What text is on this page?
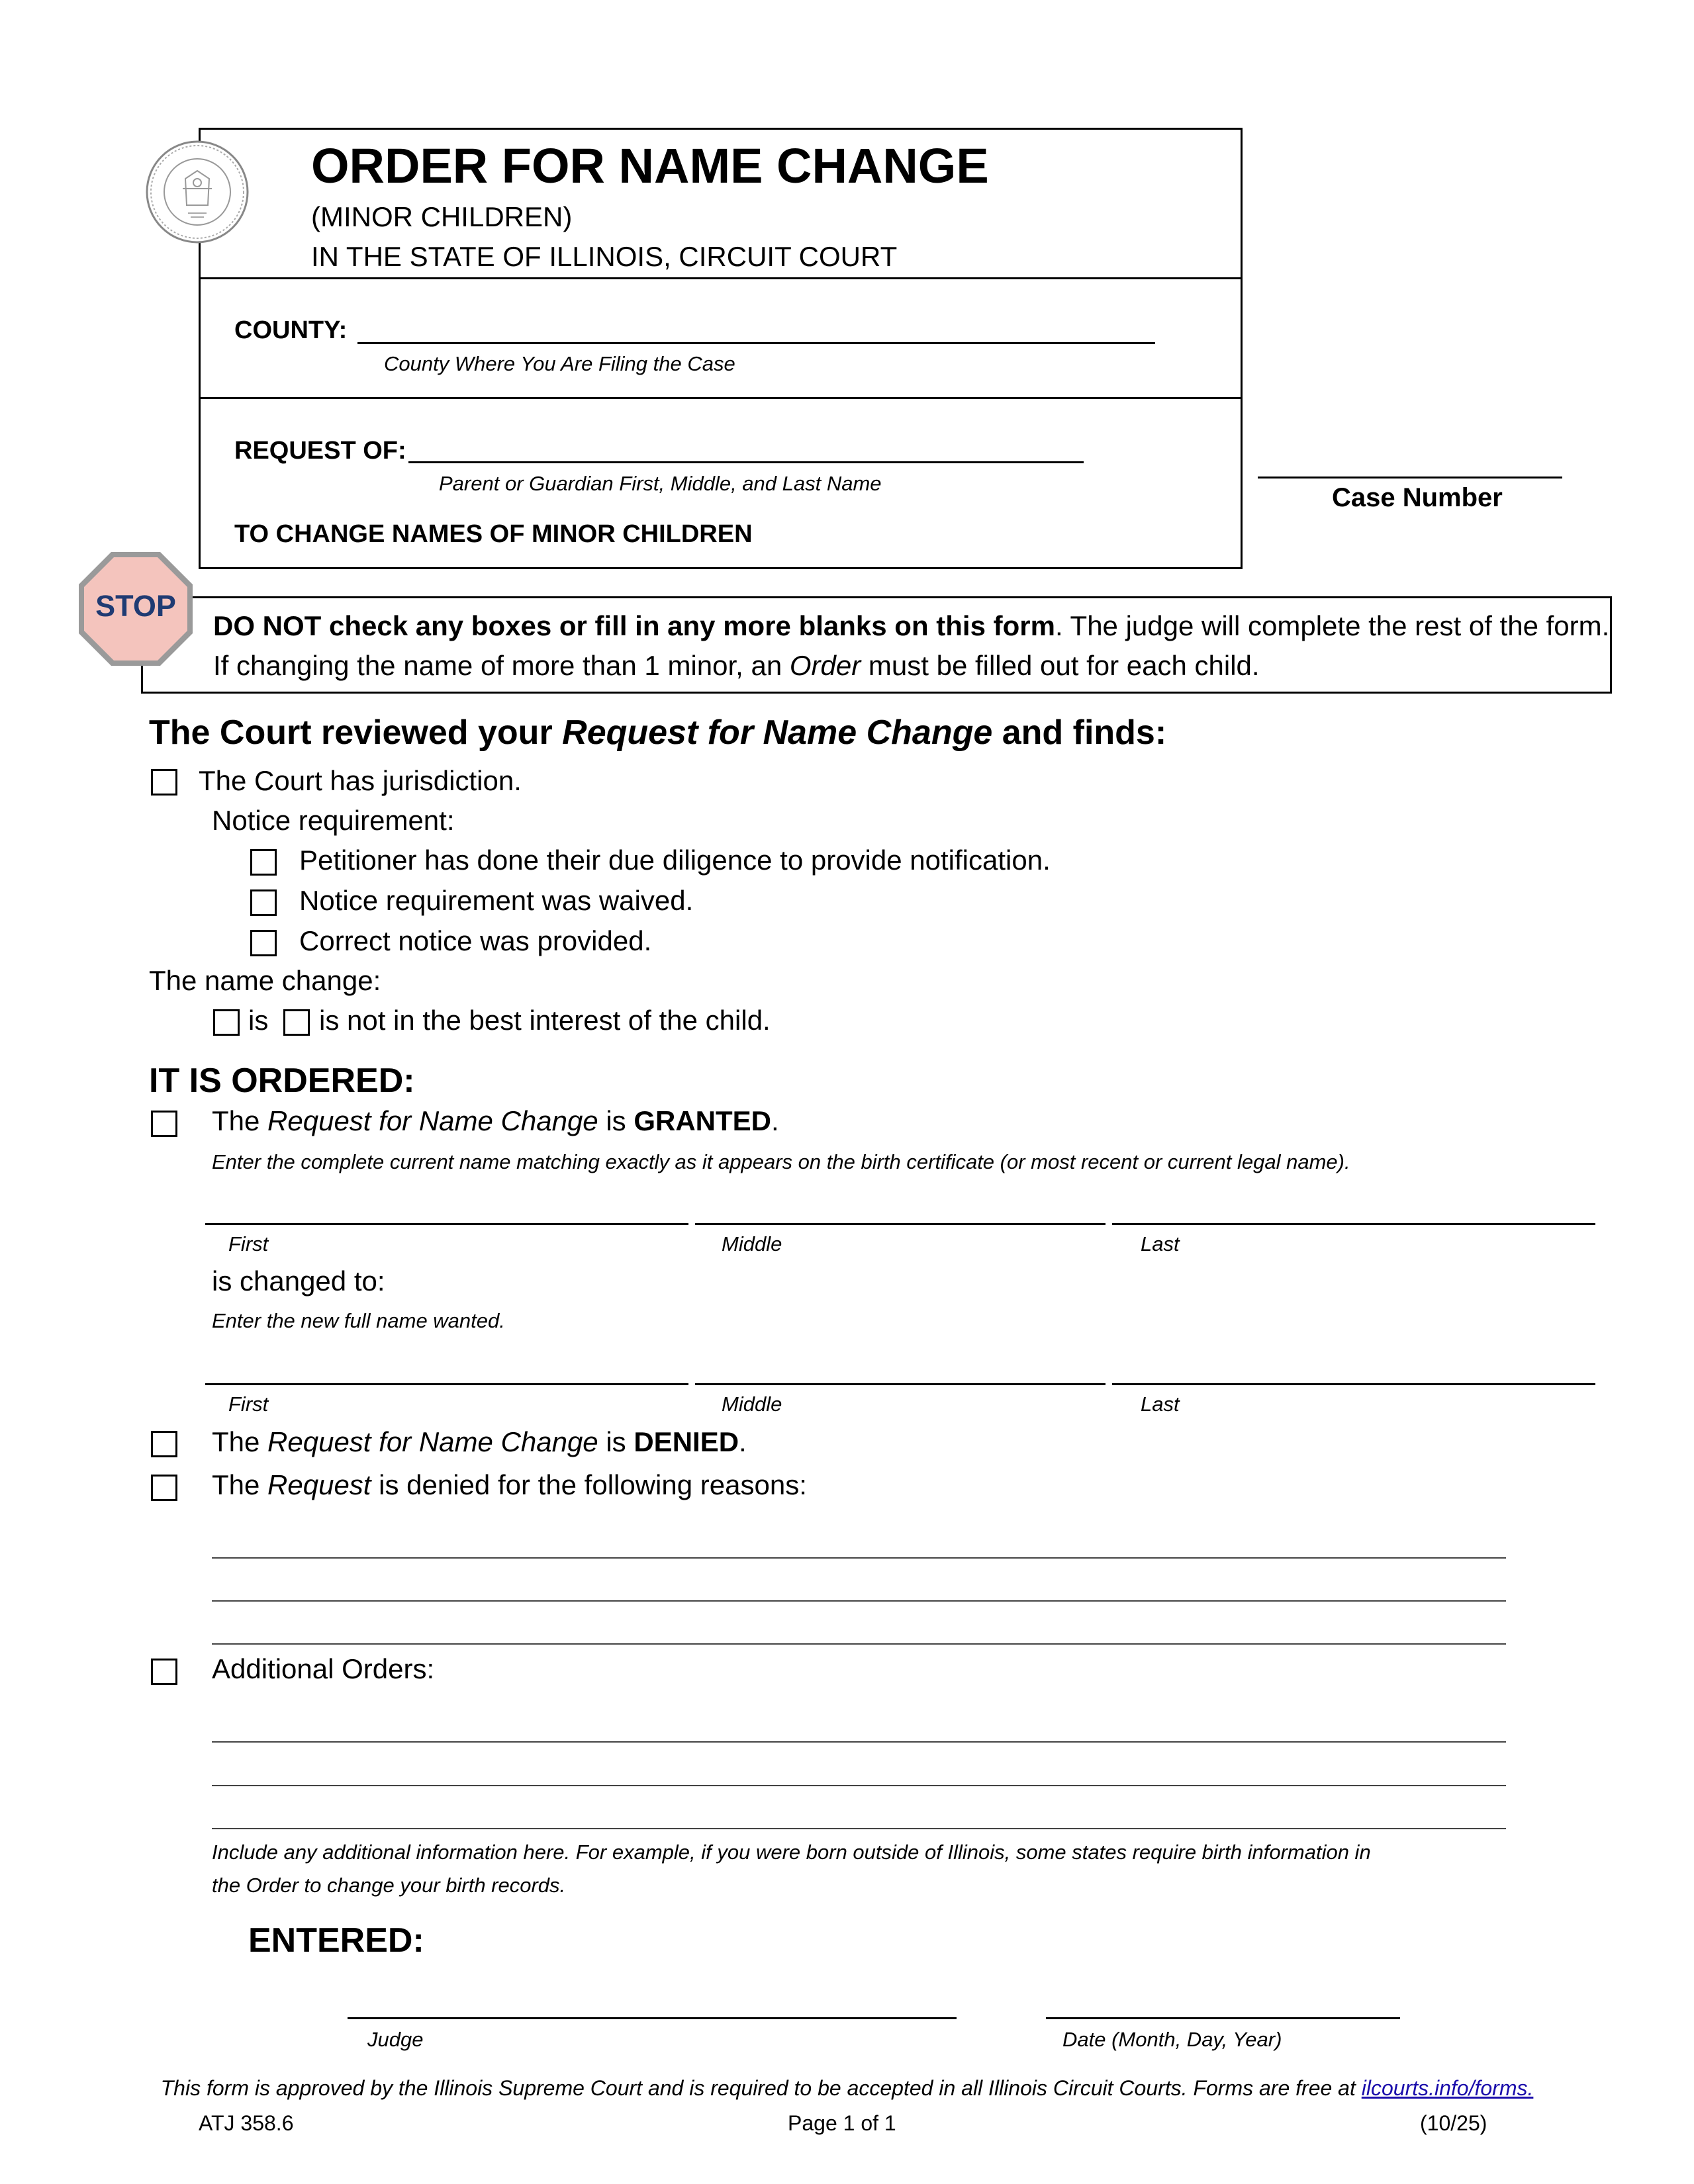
ORDER FOR NAME CHANGE
(MINOR CHILDREN)
IN THE STATE OF ILLINOIS, CIRCUIT COURT
COUNTY:
County Where You Are Filing the Case
REQUEST OF:
Parent or Guardian First, Middle, and Last Name
TO CHANGE NAMES OF MINOR CHILDREN
Case Number
STOP
DO NOT check any boxes or fill in any more blanks on this form. The judge will complete the rest of the form.
If changing the name of more than 1 minor, an Order must be filled out for each child.
The Court reviewed your Request for Name Change and finds:
The Court has jurisdiction.
Notice requirement:
Petitioner has done their due diligence to provide notification.
Notice requirement was waived.
Correct notice was provided.
The name change:
is is not in the best interest of the child.
IT IS ORDERED:
The Request for Name Change is GRANTED.
Enter the complete current name matching exactly as it appears on the birth certificate (or most recent or current legal name).
First	Middle	Last
is changed to:
Enter the new full name wanted.
First	Middle	Last
The Request for Name Change is DENIED.
The Request is denied for the following reasons:
Additional Orders:
Include any additional information here. For example, if you were born outside of Illinois, some states require birth information in
the Order to change your birth records.
ENTERED:
Judge	Date (Month, Day, Year)
This form is approved by the Illinois Supreme Court and is required to be accepted in all Illinois Circuit Courts. Forms are free at ilcourts.info/forms.
ATJ 358.6	Page 1 of 1	(10/25)
